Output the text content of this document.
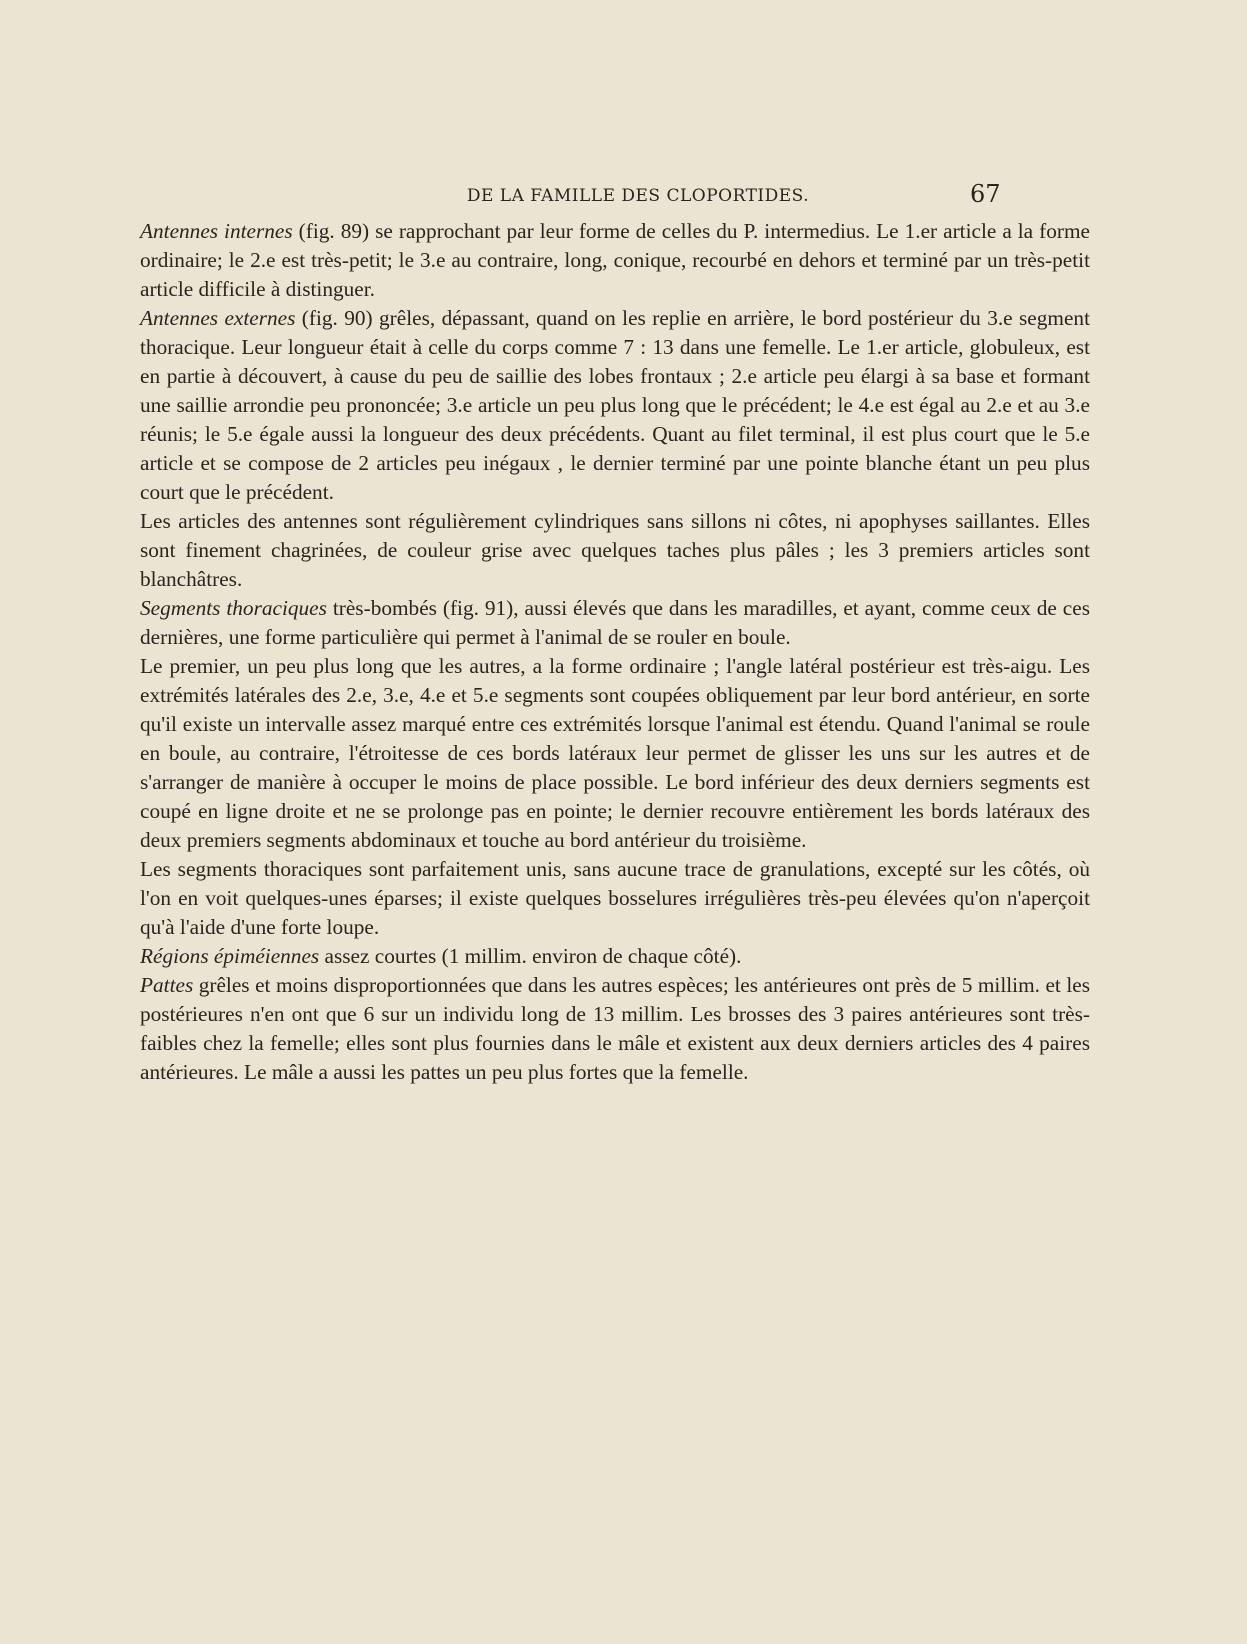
DE LA FAMILLE DES CLOPORTIDES.	67

Antennes internes (fig. 89) se rapprochant par leur forme de celles du P. intermedius. Le 1.er article a la forme ordinaire; le 2.e est très-petit; le 3.e au contraire, long, conique, recourbé en dehors et terminé par un très-petit article difficile à distinguer.

Antennes externes (fig. 90) grêles, dépassant, quand on les replie en arrière, le bord postérieur du 3.e segment thoracique. Leur longueur était à celle du corps comme 7 : 13 dans une femelle. Le 1.er article, globuleux, est en partie à découvert, à cause du peu de saillie des lobes frontaux ; 2.e article peu élargi à sa base et formant une saillie arrondie peu prononcée; 3.e article un peu plus long que le précédent; le 4.e est égal au 2.e et au 3.e réunis; le 5.e égale aussi la longueur des deux précédents. Quant au filet terminal, il est plus court que le 5.e article et se compose de 2 articles peu inégaux , le dernier terminé par une pointe blanche étant un peu plus court que le précédent.

Les articles des antennes sont régulièrement cylindriques sans sillons ni côtes, ni apophyses saillantes. Elles sont finement chagrinées, de couleur grise avec quelques taches plus pâles ; les 3 premiers articles sont blanchâtres.

Segments thoraciques très-bombés (fig. 91), aussi élevés que dans les maradilles, et ayant, comme ceux de ces dernières, une forme particulière qui permet à l'animal de se rouler en boule.

Le premier, un peu plus long que les autres, a la forme ordinaire ; l'angle latéral postérieur est très-aigu. Les extrémités latérales des 2.e, 3.e, 4.e et 5.e segments sont coupées obliquement par leur bord antérieur, en sorte qu'il existe un intervalle assez marqué entre ces extrémités lorsque l'animal est étendu. Quand l'animal se roule en boule, au contraire, l'étroitesse de ces bords latéraux leur permet de glisser les uns sur les autres et de s'arranger de manière à occuper le moins de place possible. Le bord inférieur des deux derniers segments est coupé en ligne droite et ne se prolonge pas en pointe; le dernier recouvre entièrement les bords latéraux des deux premiers segments abdominaux et touche au bord antérieur du troisième.

Les segments thoraciques sont parfaitement unis, sans aucune trace de granulations, excepté sur les côtés, où l'on en voit quelques-unes éparses; il existe quelques bosselures irrégulières très-peu élevées qu'on n'aperçoit qu'à l'aide d'une forte loupe.

Régions épiméiennes assez courtes (1 millim. environ de chaque côté).

Pattes grêles et moins disproportionnées que dans les autres espèces; les antérieures ont près de 5 millim. et les postérieures n'en ont que 6 sur un individu long de 13 millim. Les brosses des 3 paires antérieures sont très-faibles chez la femelle; elles sont plus fournies dans le mâle et existent aux deux derniers articles des 4 paires antérieures. Le mâle a aussi les pattes un peu plus fortes que la femelle.
